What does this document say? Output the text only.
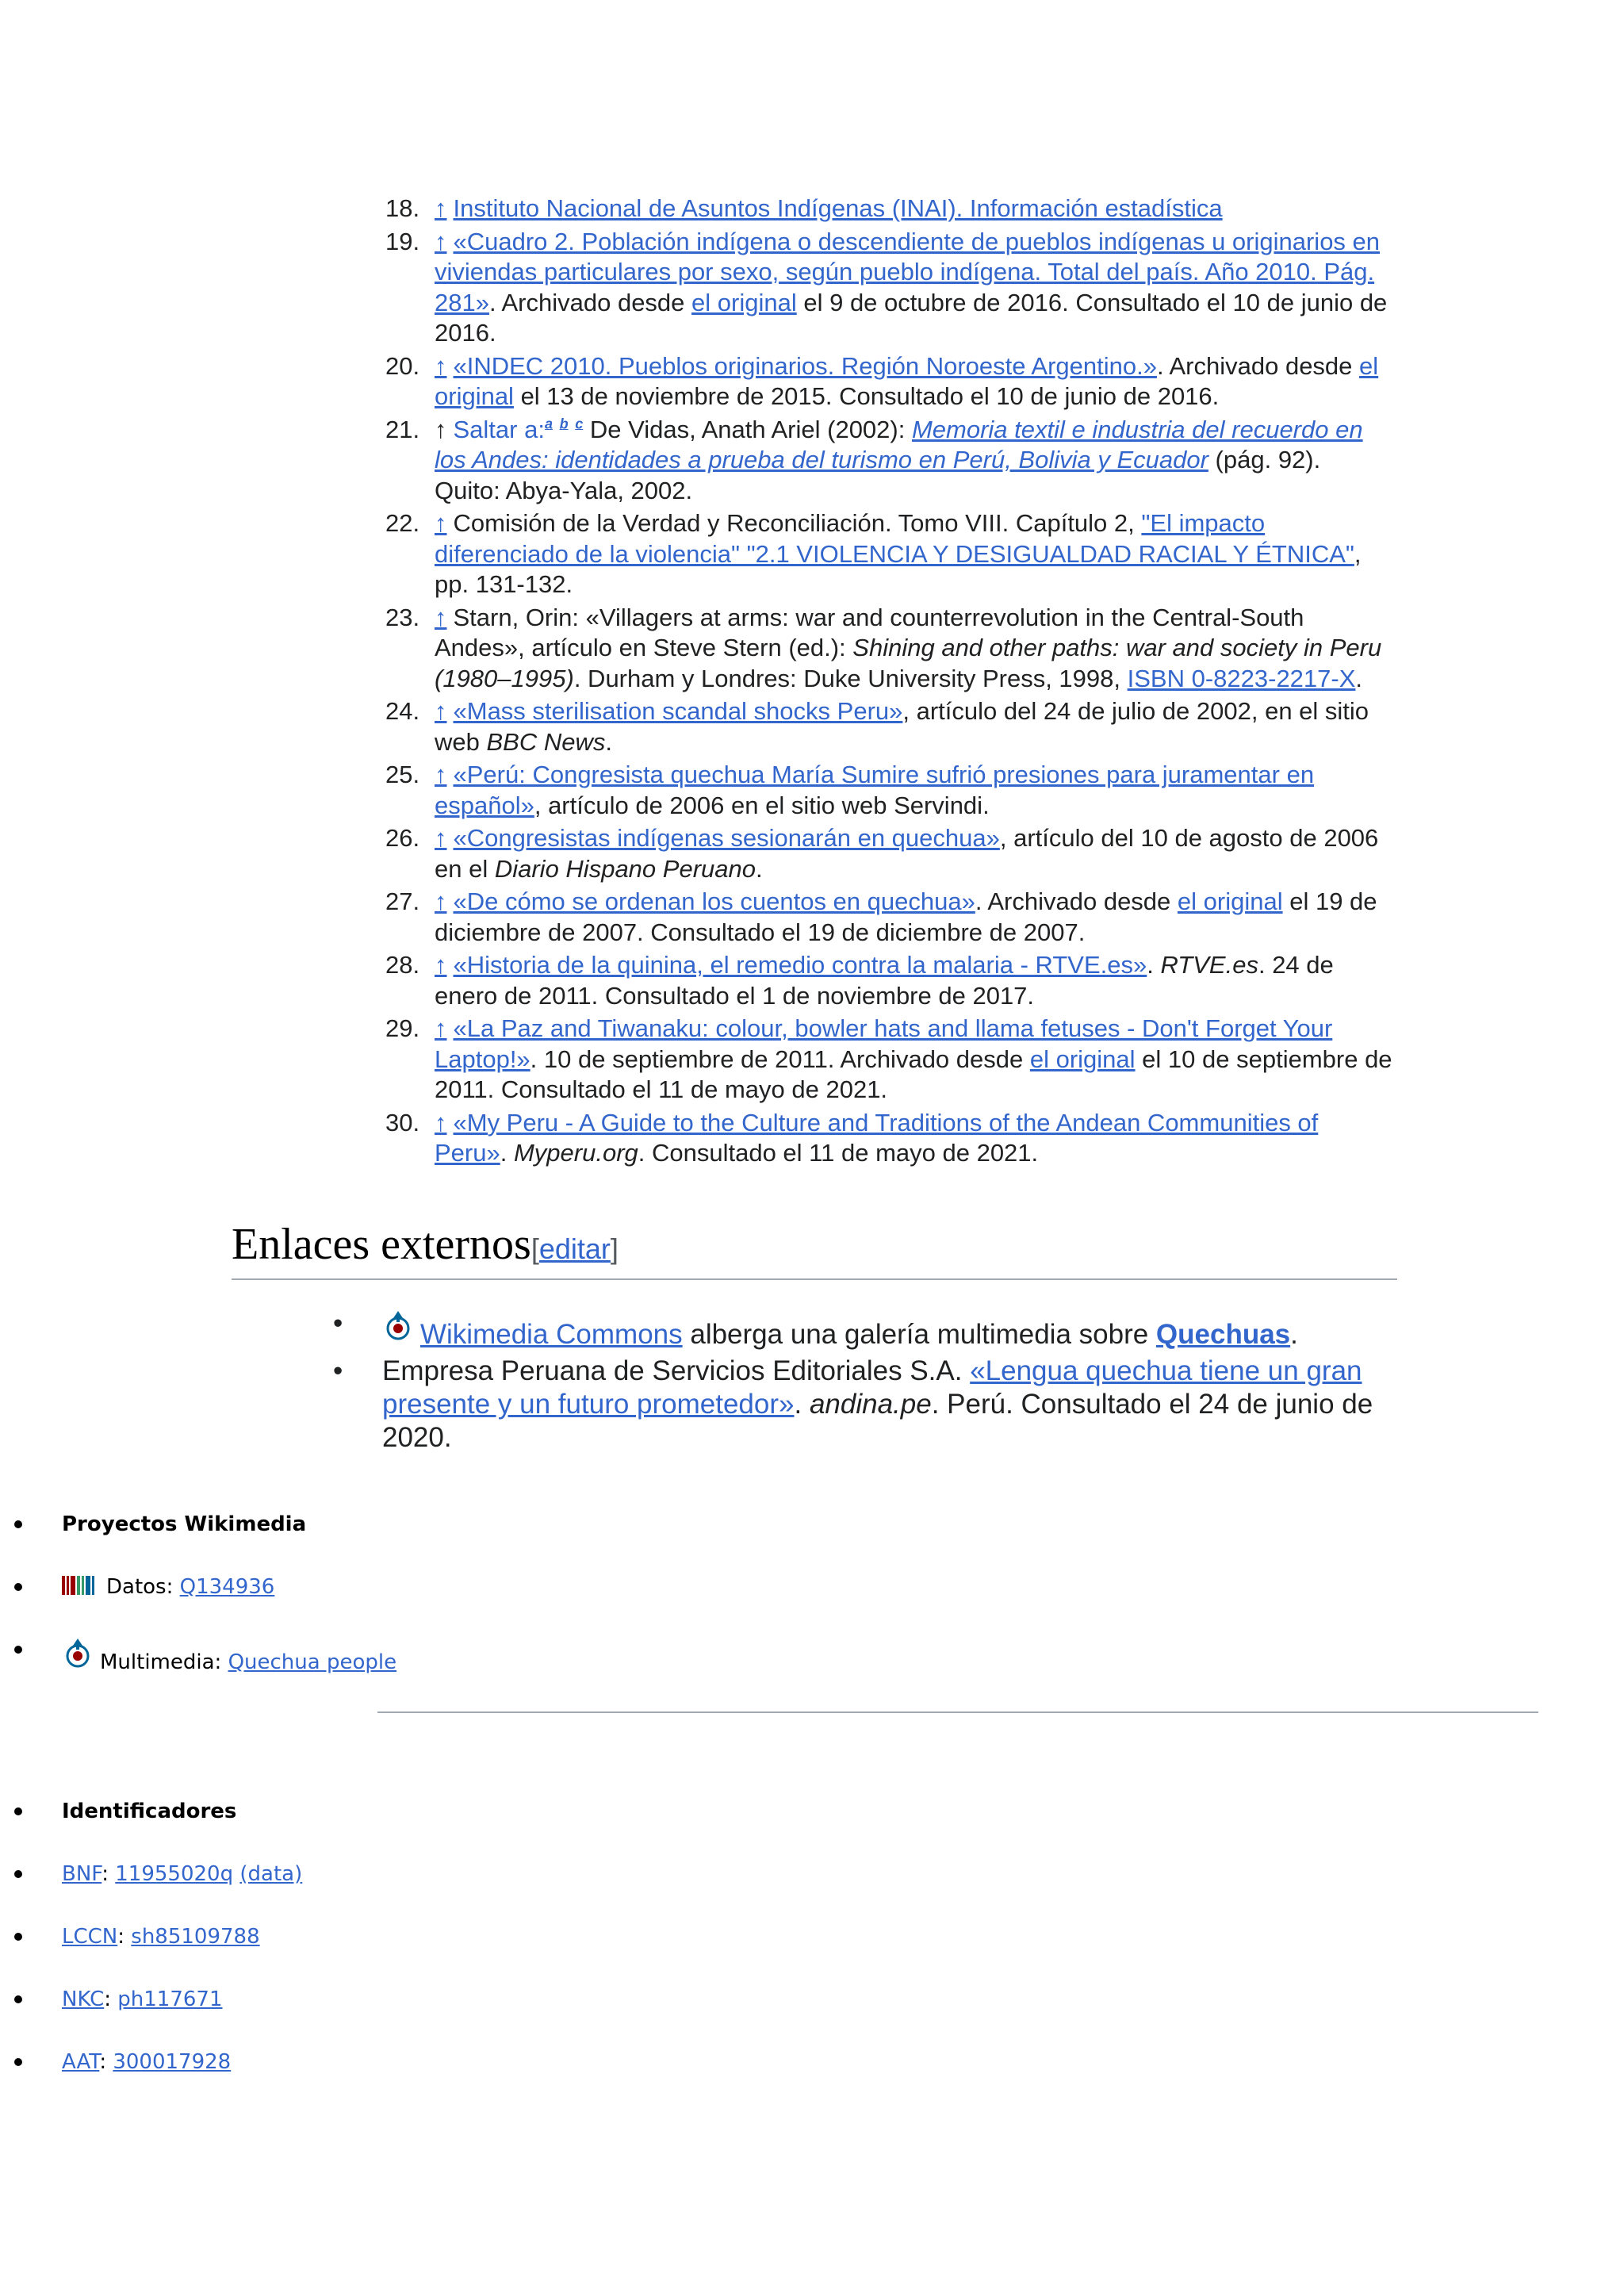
18. ↑ Instituto Nacional de Asuntos Indígenas (INAI). Información estadística
19. ↑ «Cuadro 2. Población indígena o descendiente de pueblos indígenas u originarios en viviendas particulares por sexo, según pueblo indígena. Total del país. Año 2010. Pág. 281». Archivado desde el original el 9 de octubre de 2016. Consultado el 10 de junio de 2016.
20. ↑ «INDEC 2010. Pueblos originarios. Región Noroeste Argentino.». Archivado desde el original el 13 de noviembre de 2015. Consultado el 10 de junio de 2016.
21. ↑ Saltar a:$^a$ $^b$ $^c$ De Vidas, Anath Ariel (2002): Memoria textil e industria del recuerdo en los Andes: identidades a prueba del turismo en Perú, Bolivia y Ecuador (pág. 92). Quito: Abya-Yala, 2002.
22. ↑ Comisión de la Verdad y Reconciliación. Tomo VIII. Capítulo 2, "El impacto diferenciado de la violencia" "2.1 VIOLENCIA Y DESIGUALDAD RACIAL Y ÉTNICA", pp. 131-132.
23. ↑ Starn, Orin: «Villagers at arms: war and counterrevolution in the Central-South Andes», artículo en Steve Stern (ed.): Shining and other paths: war and society in Peru (1980–1995). Durham y Londres: Duke University Press, 1998, ISBN 0-8223-2217-X.
24. ↑ «Mass sterilisation scandal shocks Peru», artículo del 24 de julio de 2002, en el sitio web BBC News.
25. ↑ «Perú: Congresista quechua María Sumire sufrió presiones para juramentar en español», artículo de 2006 en el sitio web Servindi.
26. ↑ «Congresistas indígenas sesionarán en quechua», artículo del 10 de agosto de 2006 en el Diario Hispano Peruano.
27. ↑ «De cómo se ordenan los cuentos en quechua». Archivado desde el original el 19 de diciembre de 2007. Consultado el 19 de diciembre de 2007.
28. ↑ «Historia de la quinina, el remedio contra la malaria - RTVE.es». RTVE.es. 24 de enero de 2011. Consultado el 1 de noviembre de 2017.
29. ↑ «La Paz and Tiwanaku: colour, bowler hats and llama fetuses - Don't Forget Your Laptop!». 10 de septiembre de 2011. Archivado desde el original el 10 de septiembre de 2011. Consultado el 11 de mayo de 2021.
30. ↑ «My Peru - A Guide to the Culture and Traditions of the Andean Communities of Peru». Myperu.org. Consultado el 11 de mayo de 2021.
Enlaces externos[editar]
•	Wikimedia Commons alberga una galería multimedia sobre Quechuas.
• Empresa Peruana de Servicios Editoriales S.A. «Lengua quechua tiene un gran presente y un futuro prometedor». andina.pe. Perú. Consultado el 24 de junio de 2020.
Proyectos Wikimedia
Datos: Q134936
Multimedia: Quechua people
Identificadores
BNF: 11955020q (data)
LCCN: sh85109788
NKC: ph117671
AAT: 300017928
